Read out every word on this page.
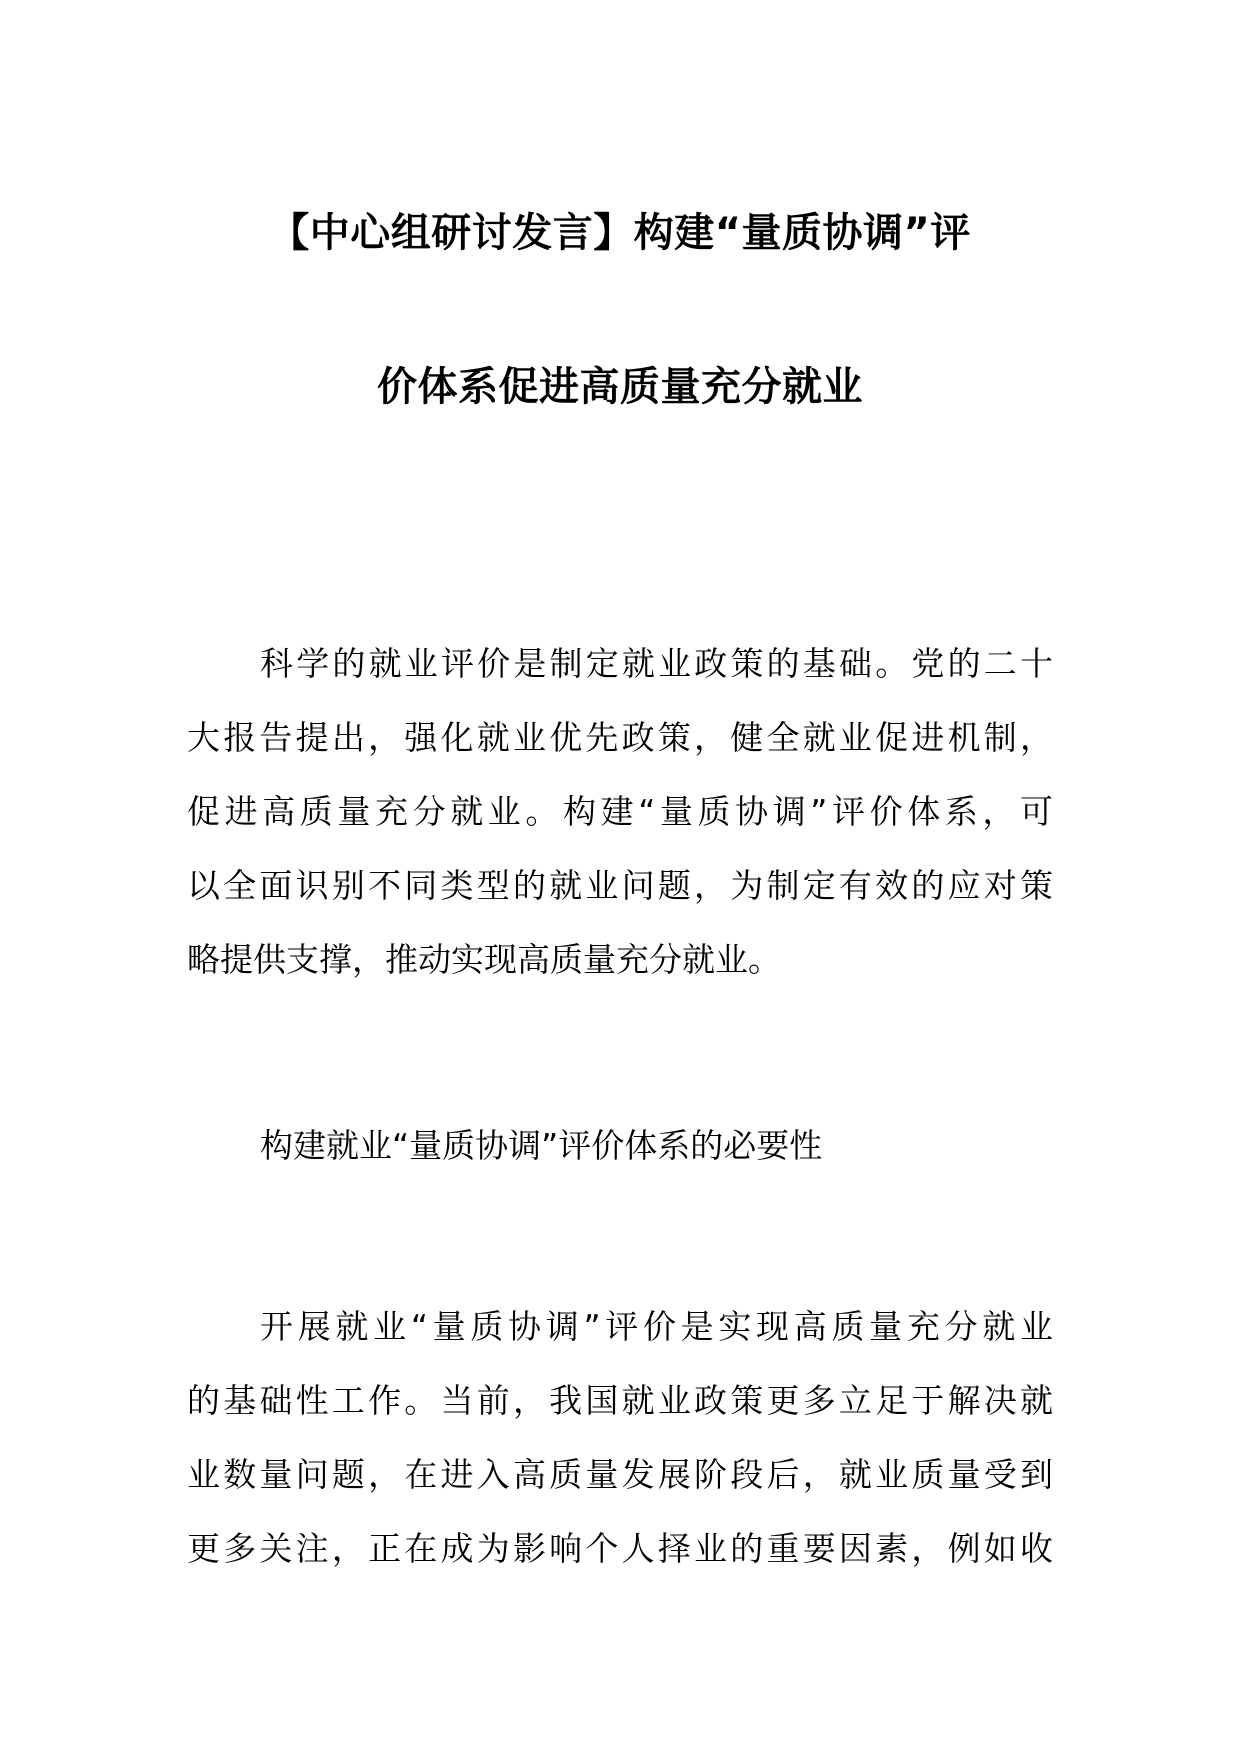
【中心组研讨发言】构建“量质协调”评
价体系促进高质量充分就业
科学的就业评价是制定就业政策的基础。党的二十
大报告提出，强化就业优先政策，健全就业促进机制，
促进高质量充分就业。构建“量质协调”评价体系，可
以全面识别不同类型的就业问题，为制定有效的应对策
略提供支撑，推动实现高质量充分就业。
构建就业“量质协调”评价体系的必要性
开展就业“量质协调”评价是实现高质量充分就业
的基础性工作。当前，我国就业政策更多立足于解决就
业数量问题，在进入高质量发展阶段后，就业质量受到
更多关注，正在成为影响个人择业的重要因素，例如收
